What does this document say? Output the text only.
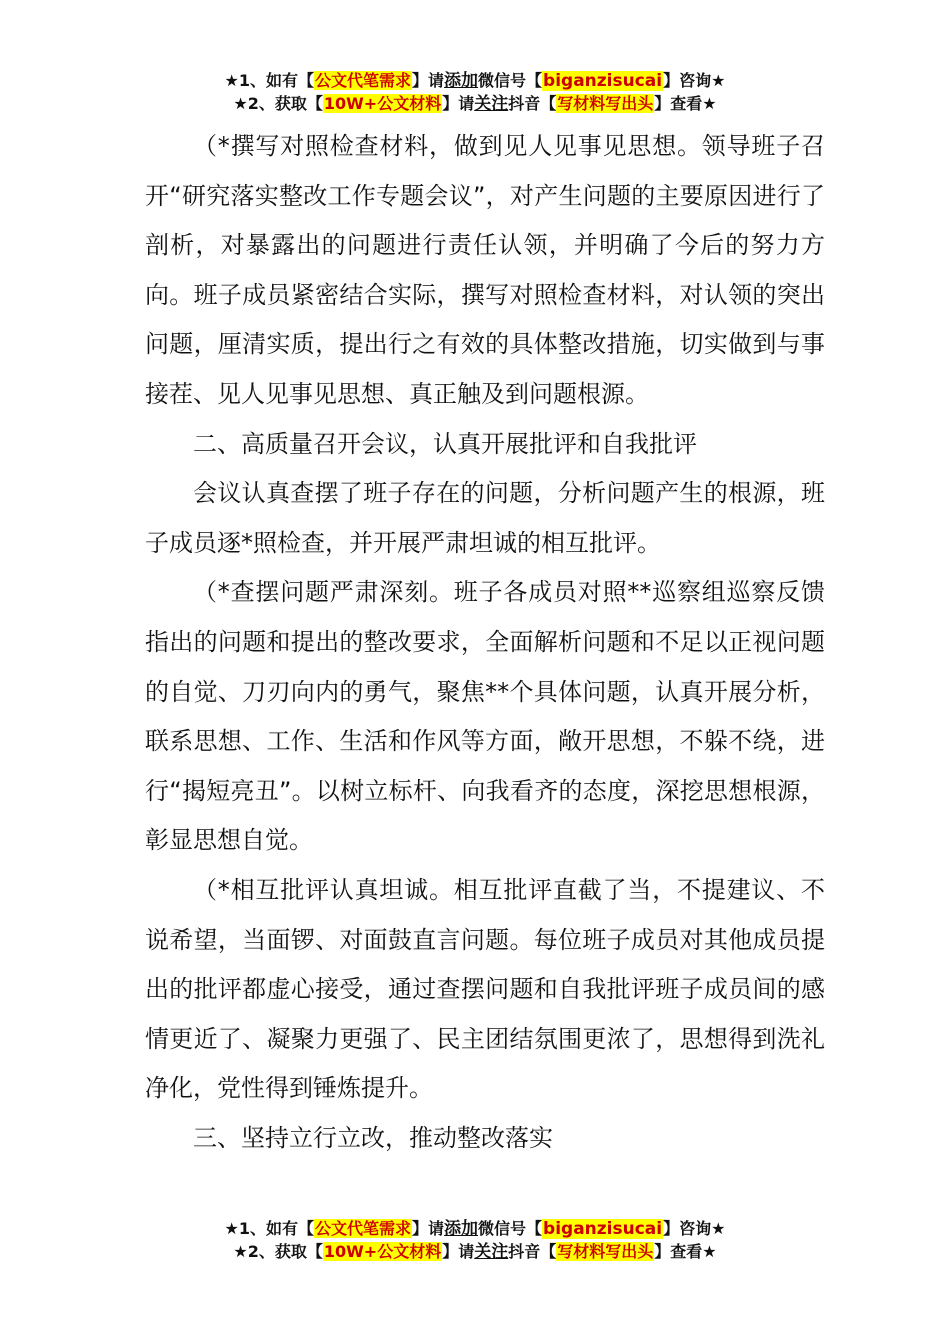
★1、如有【公文代笔需求】请添加微信号【biganzisucai】咨询★
★2、获取【10W+公文材料】请关注抖音【写材料写出头】查看★

（*撰写对照检查材料，做到见人见事见思想。领导班子召开“研究落实整改工作专题会议”，对产生问题的主要原因进行了剖析，对暴露出的问题进行责任认领，并明确了今后的努力方向。班子成员紧密结合实际，撰写对照检查材料，对认领的突出问题，厘清实质，提出行之有效的具体整改措施，切实做到与事接茬、见人见事见思想、真正触及到问题根源。

二、高质量召开会议，认真开展批评和自我批评

会议认真查摆了班子存在的问题，分析问题产生的根源，班子成员逐*照检查，并开展严肃坦诚的相互批评。

（*查摆问题严肃深刻。班子各成员对照**巡察组巡察反馈指出的问题和提出的整改要求，全面解析问题和不足以正视问题的自觉、刀刃向内的勇气，聚焦**个具体问题，认真开展分析，联系思想、工作、生活和作风等方面，敞开思想，不躲不绕，进行“揭短亮丑”。以树立标杆、向我看齐的态度，深挖思想根源，彰显思想自觉。

（*相互批评认真坦诚。相互批评直截了当，不提建议、不说希望，当面锣、对面鼓直言问题。每位班子成员对其他成员提出的批评都虚心接受，通过查摆问题和自我批评班子成员间的感情更近了、凝聚力更强了、民主团结氛围更浓了，思想得到洗礼净化，党性得到锤炼提升。

三、坚持立行立改，推动整改落实

★1、如有【公文代笔需求】请添加微信号【biganzisucai】咨询★
★2、获取【10W+公文材料】请关注抖音【写材料写出头】查看★
